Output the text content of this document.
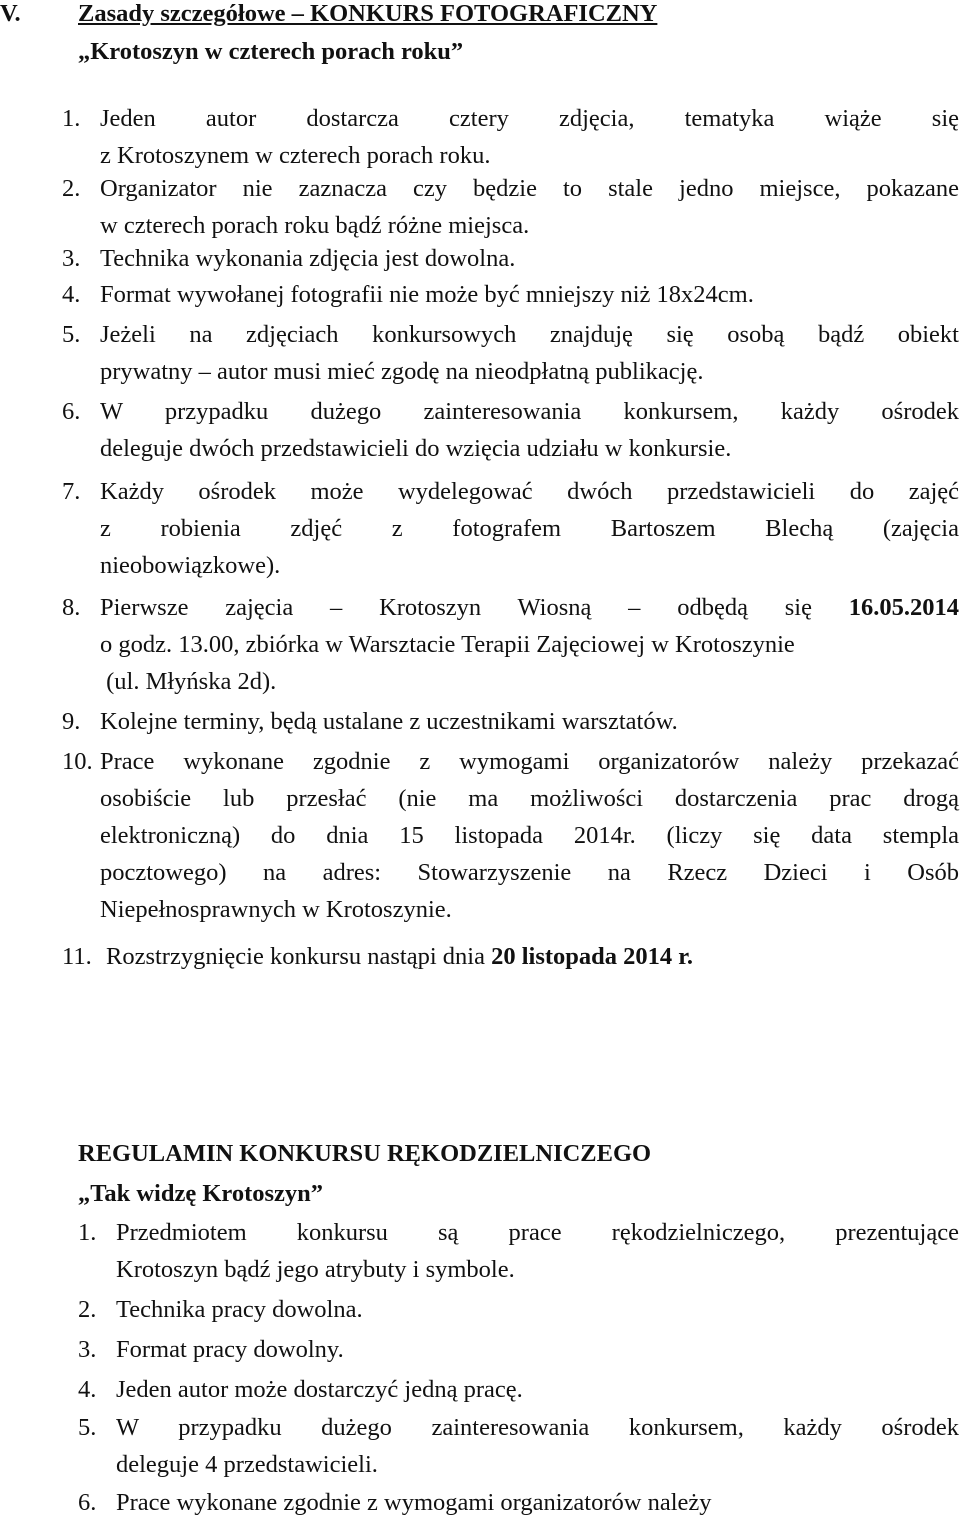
V. Zasady szczegółowe – KONKURS FOTOGRAFICZNY
„Krotoszyn w czterech porach roku”
1. Jeden autor dostarcza cztery zdjęcia, tematyka wiąże się
z Krotoszynem w czterech porach roku.
2. Organizator nie zaznacza czy będzie to stale jedno miejsce, pokazane
w czterech porach roku bądź różne miejsca.
3. Technika wykonania zdjęcia jest dowolna.
4. Format wywołanej fotografii nie może być mniejszy niż 18x24cm.
5. Jeżeli na zdjęciach konkursowych znajduję się osobą bądź obiekt
prywatny – autor musi mieć zgodę na nieodpłatną publikację.
6. W przypadku dużego zainteresowania konkursem, każdy ośrodek
deleguje dwóch przedstawicieli do wzięcia udziału w konkursie.
7. Każdy ośrodek może wydelegować dwóch przedstawicieli do zajęć
z robienia zdjęć z fotografem Bartoszem Blechą (zajęcia
nieobowiązkowe).
8. Pierwsze zajęcia – Krotoszyn Wiosną – odbędą się 16.05.2014
o godz. 13.00, zbiórka w Warsztacie Terapii Zajęciowej w Krotoszynie
(ul. Młyńska 2d).
9. Kolejne terminy, będą ustalane z uczestnikami warsztatów.
10. Prace wykonane zgodnie z wymogami organizatorów należy przekazać
osobiście lub przesłać (nie ma możliwości dostarczenia prac drogą
elektroniczną) do dnia 15 listopada 2014r. (liczy się data stempla
pocztowego) na adres: Stowarzyszenie na Rzecz Dzieci i Osób
Niepełnosprawnych w Krotoszynie.
11. Rozstrzygnięcie konkursu nastąpi dnia 20 listopada 2014 r.
REGULAMIN KONKURSU RĘKODZIELNICZEGO
„Tak widzę Krotoszyn”
1. Przedmiotem konkursu są prace rękodzielniczego, prezentujące
Krotoszyn bądź jego atrybuty i symbole.
2. Technika pracy dowolna.
3. Format pracy dowolny.
4. Jeden autor może dostarczyć jedną pracę.
5. W przypadku dużego zainteresowania konkursem, każdy ośrodek
deleguje 4 przedstawicieli.
6. Prace wykonane zgodnie z wymogami organizatorów należy
